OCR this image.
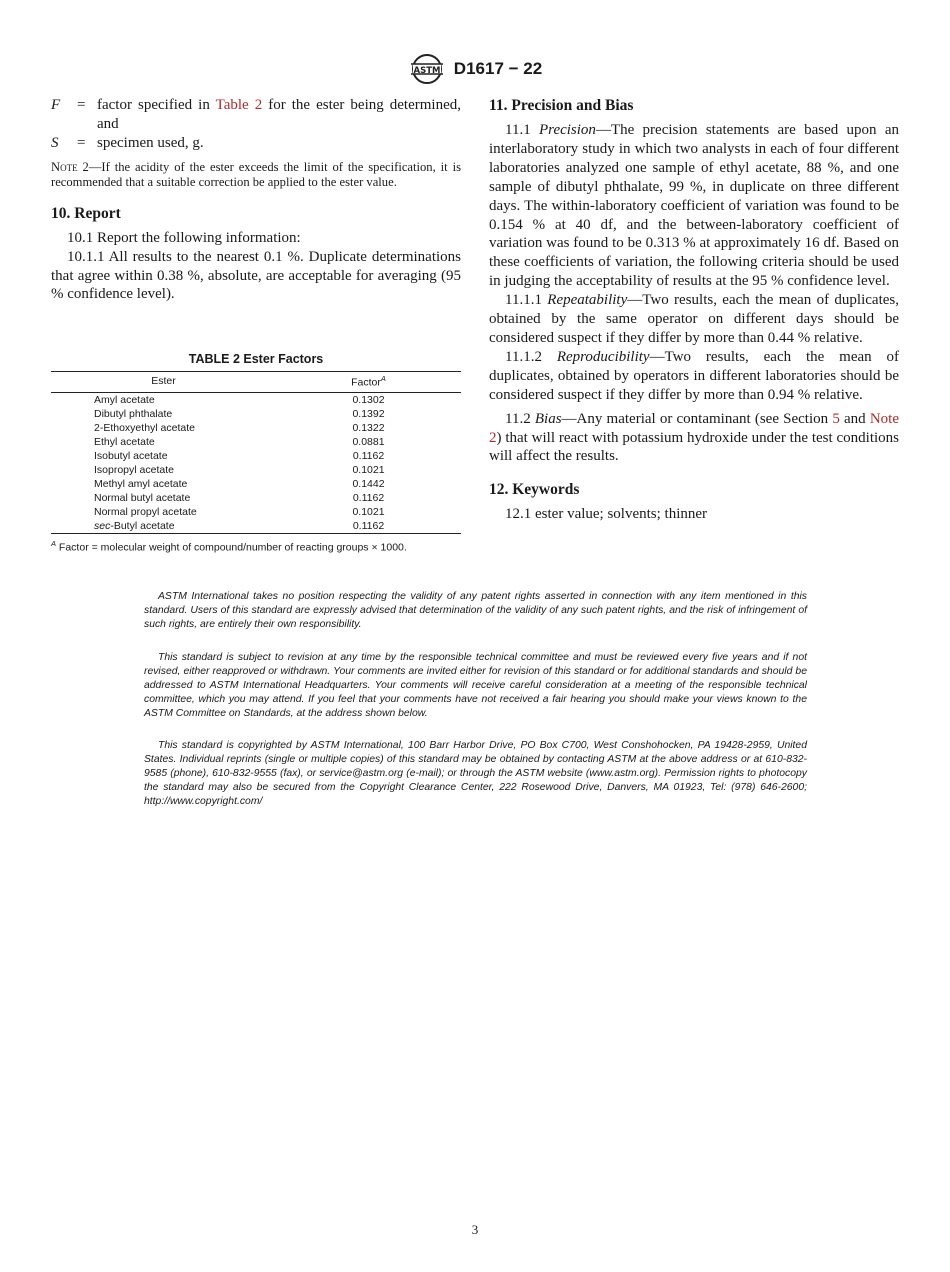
ASTM D1617 − 22
F	= factor specified in Table 2 for the ester being determined, and
S	= specimen used, g.
Note 2—If the acidity of the ester exceeds the limit of the specification, it is recommended that a suitable correction be applied to the ester value.
10. Report

10.1 Report the following information:

10.1.1 All results to the nearest 0.1 %. Duplicate determinations that agree within 0.38 %, absolute, are acceptable for averaging (95 % confidence level).

TABLE 2 Ester Factors
Ester	Factor$^A$
Amyl acetate	0.1302
Dibutyl phthalate	0.1392
2-Ethoxyethyl acetate	0.1322
Ethyl acetate	0.0881
Isobutyl acetate	0.1162
Isopropyl acetate	0.1021
Methyl amyl acetate	0.1442
Normal butyl acetate	0.1162
Normal propyl acetate	0.1021
sec-Butyl acetate	0.1162
$^A$ Factor = molecular weight of compound/number of reacting groups × 1000.
11. Precision and Bias

11.1 Precision—The precision statements are based upon an interlaboratory study in which two analysts in each of four different laboratories analyzed one sample of ethyl acetate, 88 %, and one sample of dibutyl phthalate, 99 %, in duplicate on three different days. The within-laboratory coefficient of variation was found to be 0.154 % at 40 df, and the between-laboratory coefficient of variation was found to be 0.313 % at approximately 16 df. Based on these coefficients of variation, the following criteria should be used in judging the acceptability of results at the 95 % confidence level.

11.1.1 Repeatability—Two results, each the mean of duplicates, obtained by the same operator on different days should be considered suspect if they differ by more than 0.44 % relative.

11.1.2 Reproducibility—Two results, each the mean of duplicates, obtained by operators in different laboratories should be considered suspect if they differ by more than 0.94 % relative.

11.2 Bias—Any material or contaminant (see Section 5 and Note 2) that will react with potassium hydroxide under the test conditions will affect the results.

12. Keywords

12.1 ester value; solvents; thinner

ASTM International takes no position respecting the validity of any patent rights asserted in connection with any item mentioned in this standard. Users of this standard are expressly advised that determination of the validity of any such patent rights, and the risk of infringement of such rights, are entirely their own responsibility.
This standard is subject to revision at any time by the responsible technical committee and must be reviewed every five years and if not revised, either reapproved or withdrawn. Your comments are invited either for revision of this standard or for additional standards and should be addressed to ASTM International Headquarters. Your comments will receive careful consideration at a meeting of the responsible technical committee, which you may attend. If you feel that your comments have not received a fair hearing you should make your views known to the ASTM Committee on Standards, at the address shown below.
This standard is copyrighted by ASTM International, 100 Barr Harbor Drive, PO Box C700, West Conshohocken, PA 19428-2959, United States. Individual reprints (single or multiple copies) of this standard may be obtained by contacting ASTM at the above address or at 610-832-9585 (phone), 610-832-9555 (fax), or service@astm.org (e-mail); or through the ASTM website (www.astm.org). Permission rights to photocopy the standard may also be secured from the Copyright Clearance Center, 222 Rosewood Drive, Danvers, MA 01923, Tel: (978) 646-2600; http://www.copyright.com/
3
